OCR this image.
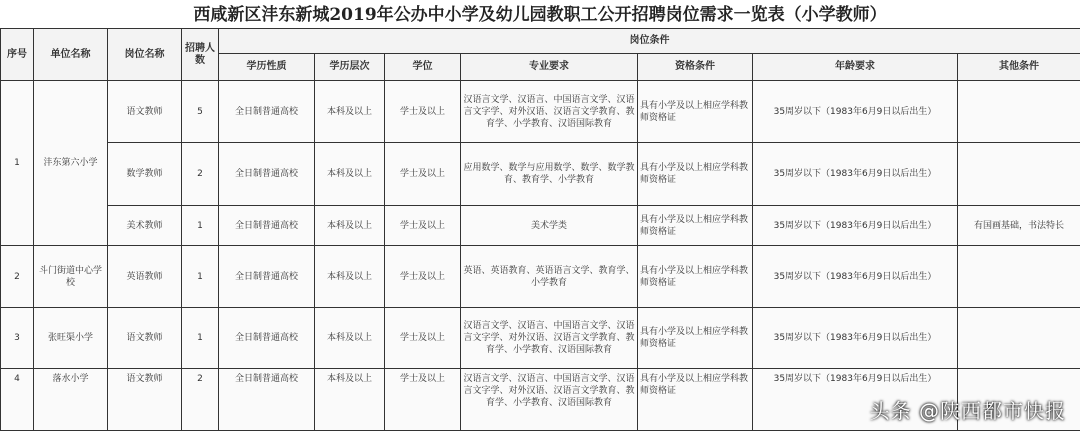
西咸新区沣东新城2019年公办中小学及幼儿园教职工公开招聘岗位需求一览表（小学教师）
序号	单位名称	岗位名称	招聘人数	岗位条件						
				学历性质	学历层次	学位	专业要求	资格条件	年龄要求	其他条件
1	沣东第六小学	语文教师	5	全日制普通高校	本科及以上	学士及以上	汉语言文学、汉语言、中国语言文学、汉语言文字学、对外汉语、汉语言文学教育、教育学、小学教育、汉语国际教育	具有小学及以上相应学科教师资格证	35周岁以下（1983年6月9日以后出生）	
		数学教师	2	全日制普通高校	本科及以上	学士及以上	应用数学、数学与应用数学、数学、数学教育、教育学、小学教育	具有小学及以上相应学科教师资格证	35周岁以下（1983年6月9日以后出生）	
		美术教师	1	全日制普通高校	本科及以上	学士及以上	美术学类	具有小学及以上相应学科教师资格证	35周岁以下（1983年6月9日以后出生）	有国画基础，书法特长
2	斗门街道中心学校	英语教师	1	全日制普通高校	本科及以上	学士及以上	英语、英语教育、英语语言文学、教育学、小学教育	具有小学及以上相应学科教师资格证	35周岁以下（1983年6月9日以后出生）	
3	张旺渠小学	语文教师	1	全日制普通高校	本科及以上	学士及以上	汉语言文学、汉语言、中国语言文学、汉语言文字学、对外汉语、汉语言文学教育、教育学、小学教育、汉语国际教育	具有小学及以上相应学科教师资格证	35周岁以下（1983年6月9日以后出生）	
4	落水小学	语文教师	2	全日制普通高校	本科及以上	学士及以上	汉语言文学、汉语言、中国语言文学、汉语言文字学、对外汉语、汉语言文学教育、教育学、小学教育、汉语国际教育	具有小学及以上相应学科教师资格证	35周岁以下（1983年6月9日以后出生）	
头条 @陕西都市快报
